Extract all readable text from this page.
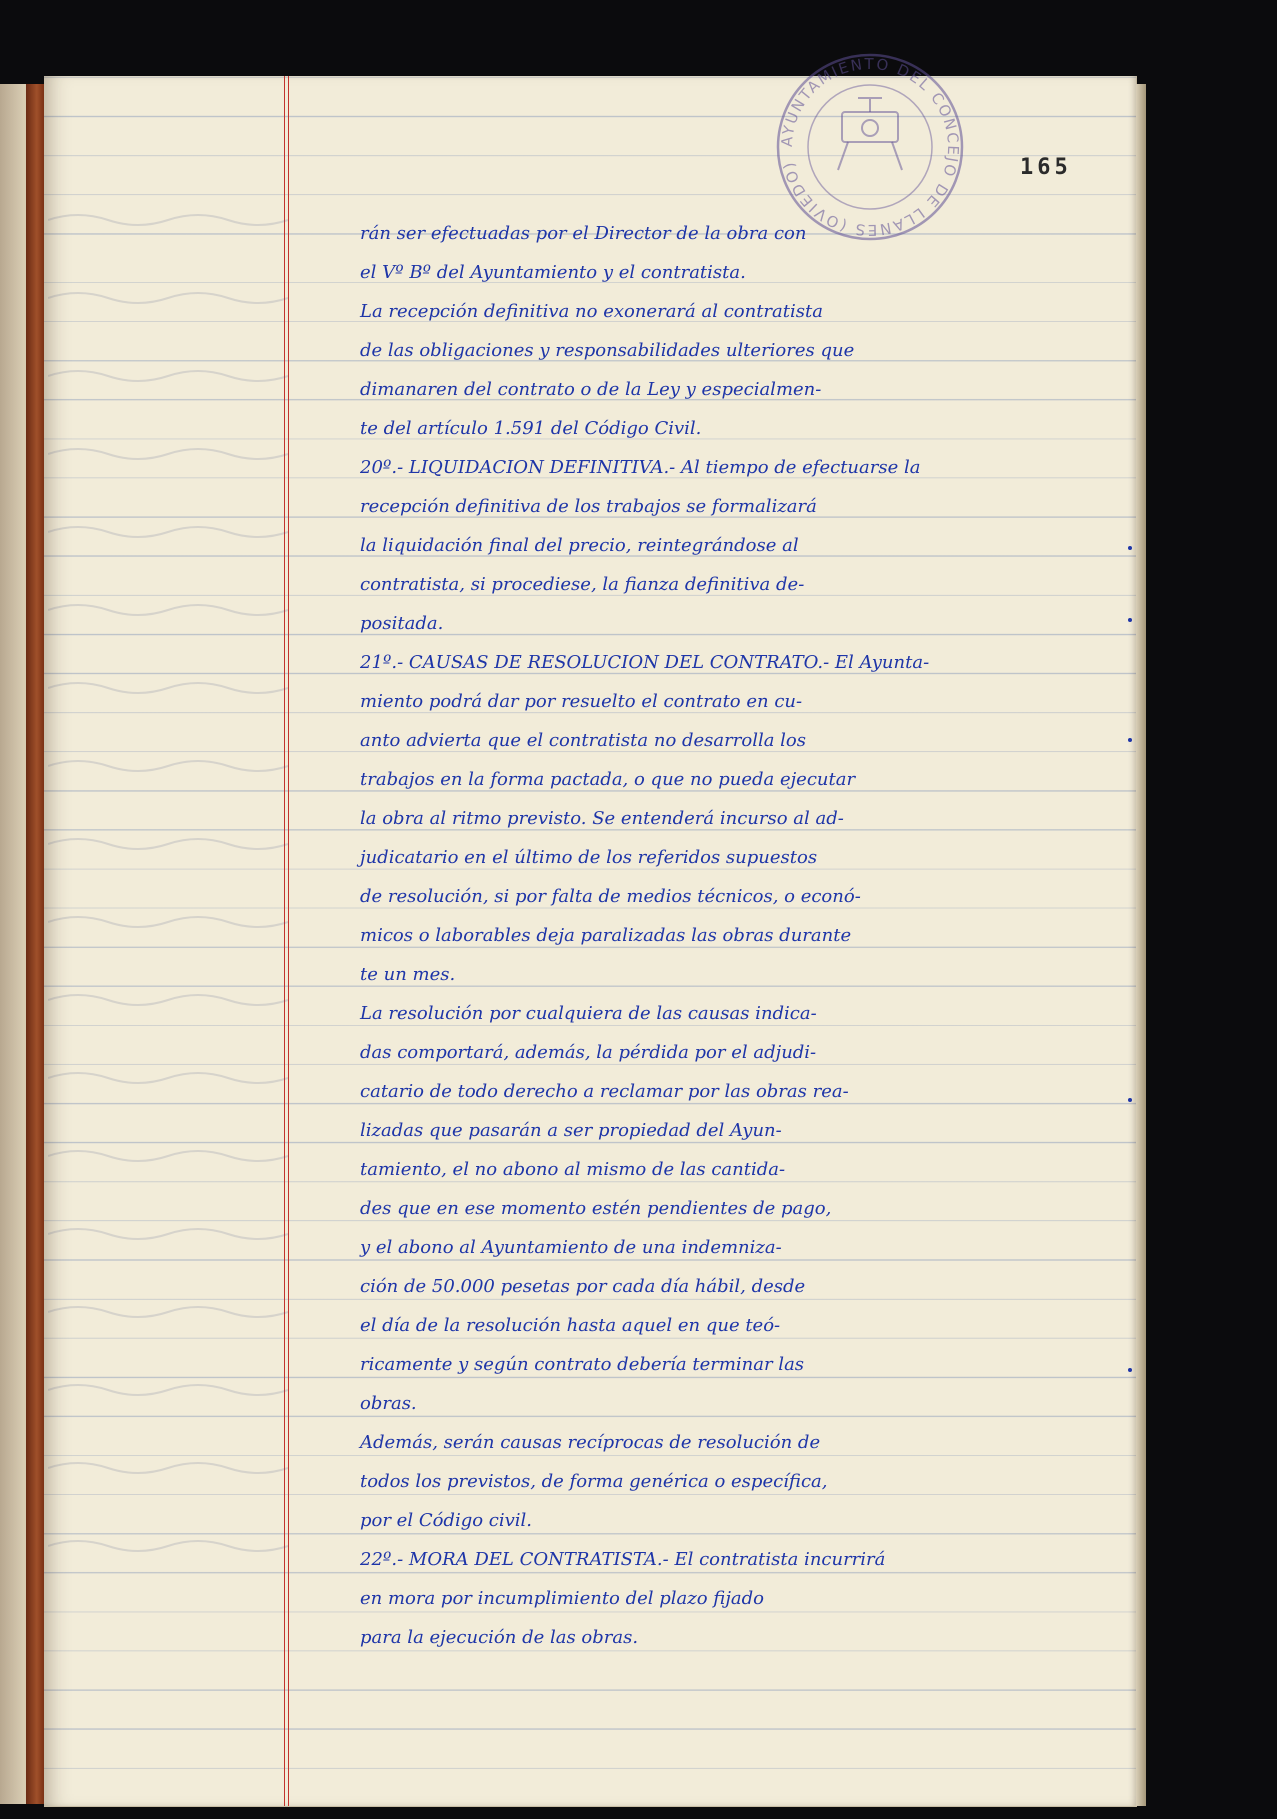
AYUNTAMIENTO DEL CONCEJO DE LLANES (OVIEDO)	165
rán ser efectuadas por el Director de la obra con
el Vº Bº del Ayuntamiento y el contratista.
La recepción definitiva no exonerará al contratista
de las obligaciones y responsabilidades ulteriores que
dimanaren del contrato o de la Ley y especialmen-
te del artículo 1.591 del Código Civil.
20º.- LIQUIDACION DEFINITIVA.- Al tiempo de efectuarse la
recepción definitiva de los trabajos se formalizará
la liquidación final del precio, reintegrándose al
contratista, si procediese, la fianza definitiva de-
positada.
21º.- CAUSAS DE RESOLUCION DEL CONTRATO.- El Ayunta-
miento podrá dar por resuelto el contrato en cu-
anto advierta que el contratista no desarrolla los
trabajos en la forma pactada, o que no pueda ejecutar
la obra al ritmo previsto. Se entenderá incurso al ad-
judicatario en el último de los referidos supuestos
de resolución, si por falta de medios técnicos, o econó-
micos o laborables deja paralizadas las obras durante
te un mes.
La resolución por cualquiera de las causas indica-
das comportará, además, la pérdida por el adjudi-
catario de todo derecho a reclamar por las obras rea-
lizadas que pasarán a ser propiedad del Ayun-
tamiento, el no abono al mismo de las cantida-
des que en ese momento estén pendientes de pago,
y el abono al Ayuntamiento de una indemniza-
ción de 50.000 pesetas por cada día hábil, desde
el día de la resolución hasta aquel en que teó-
ricamente y según contrato debería terminar las
obras.
Además, serán causas recíprocas de resolución de
todos los previstos, de forma genérica o específica,
por el Código civil.
22º.- MORA DEL CONTRATISTA.- El contratista incurrirá
en mora por incumplimiento del plazo fijado
para la ejecución de las obras.
